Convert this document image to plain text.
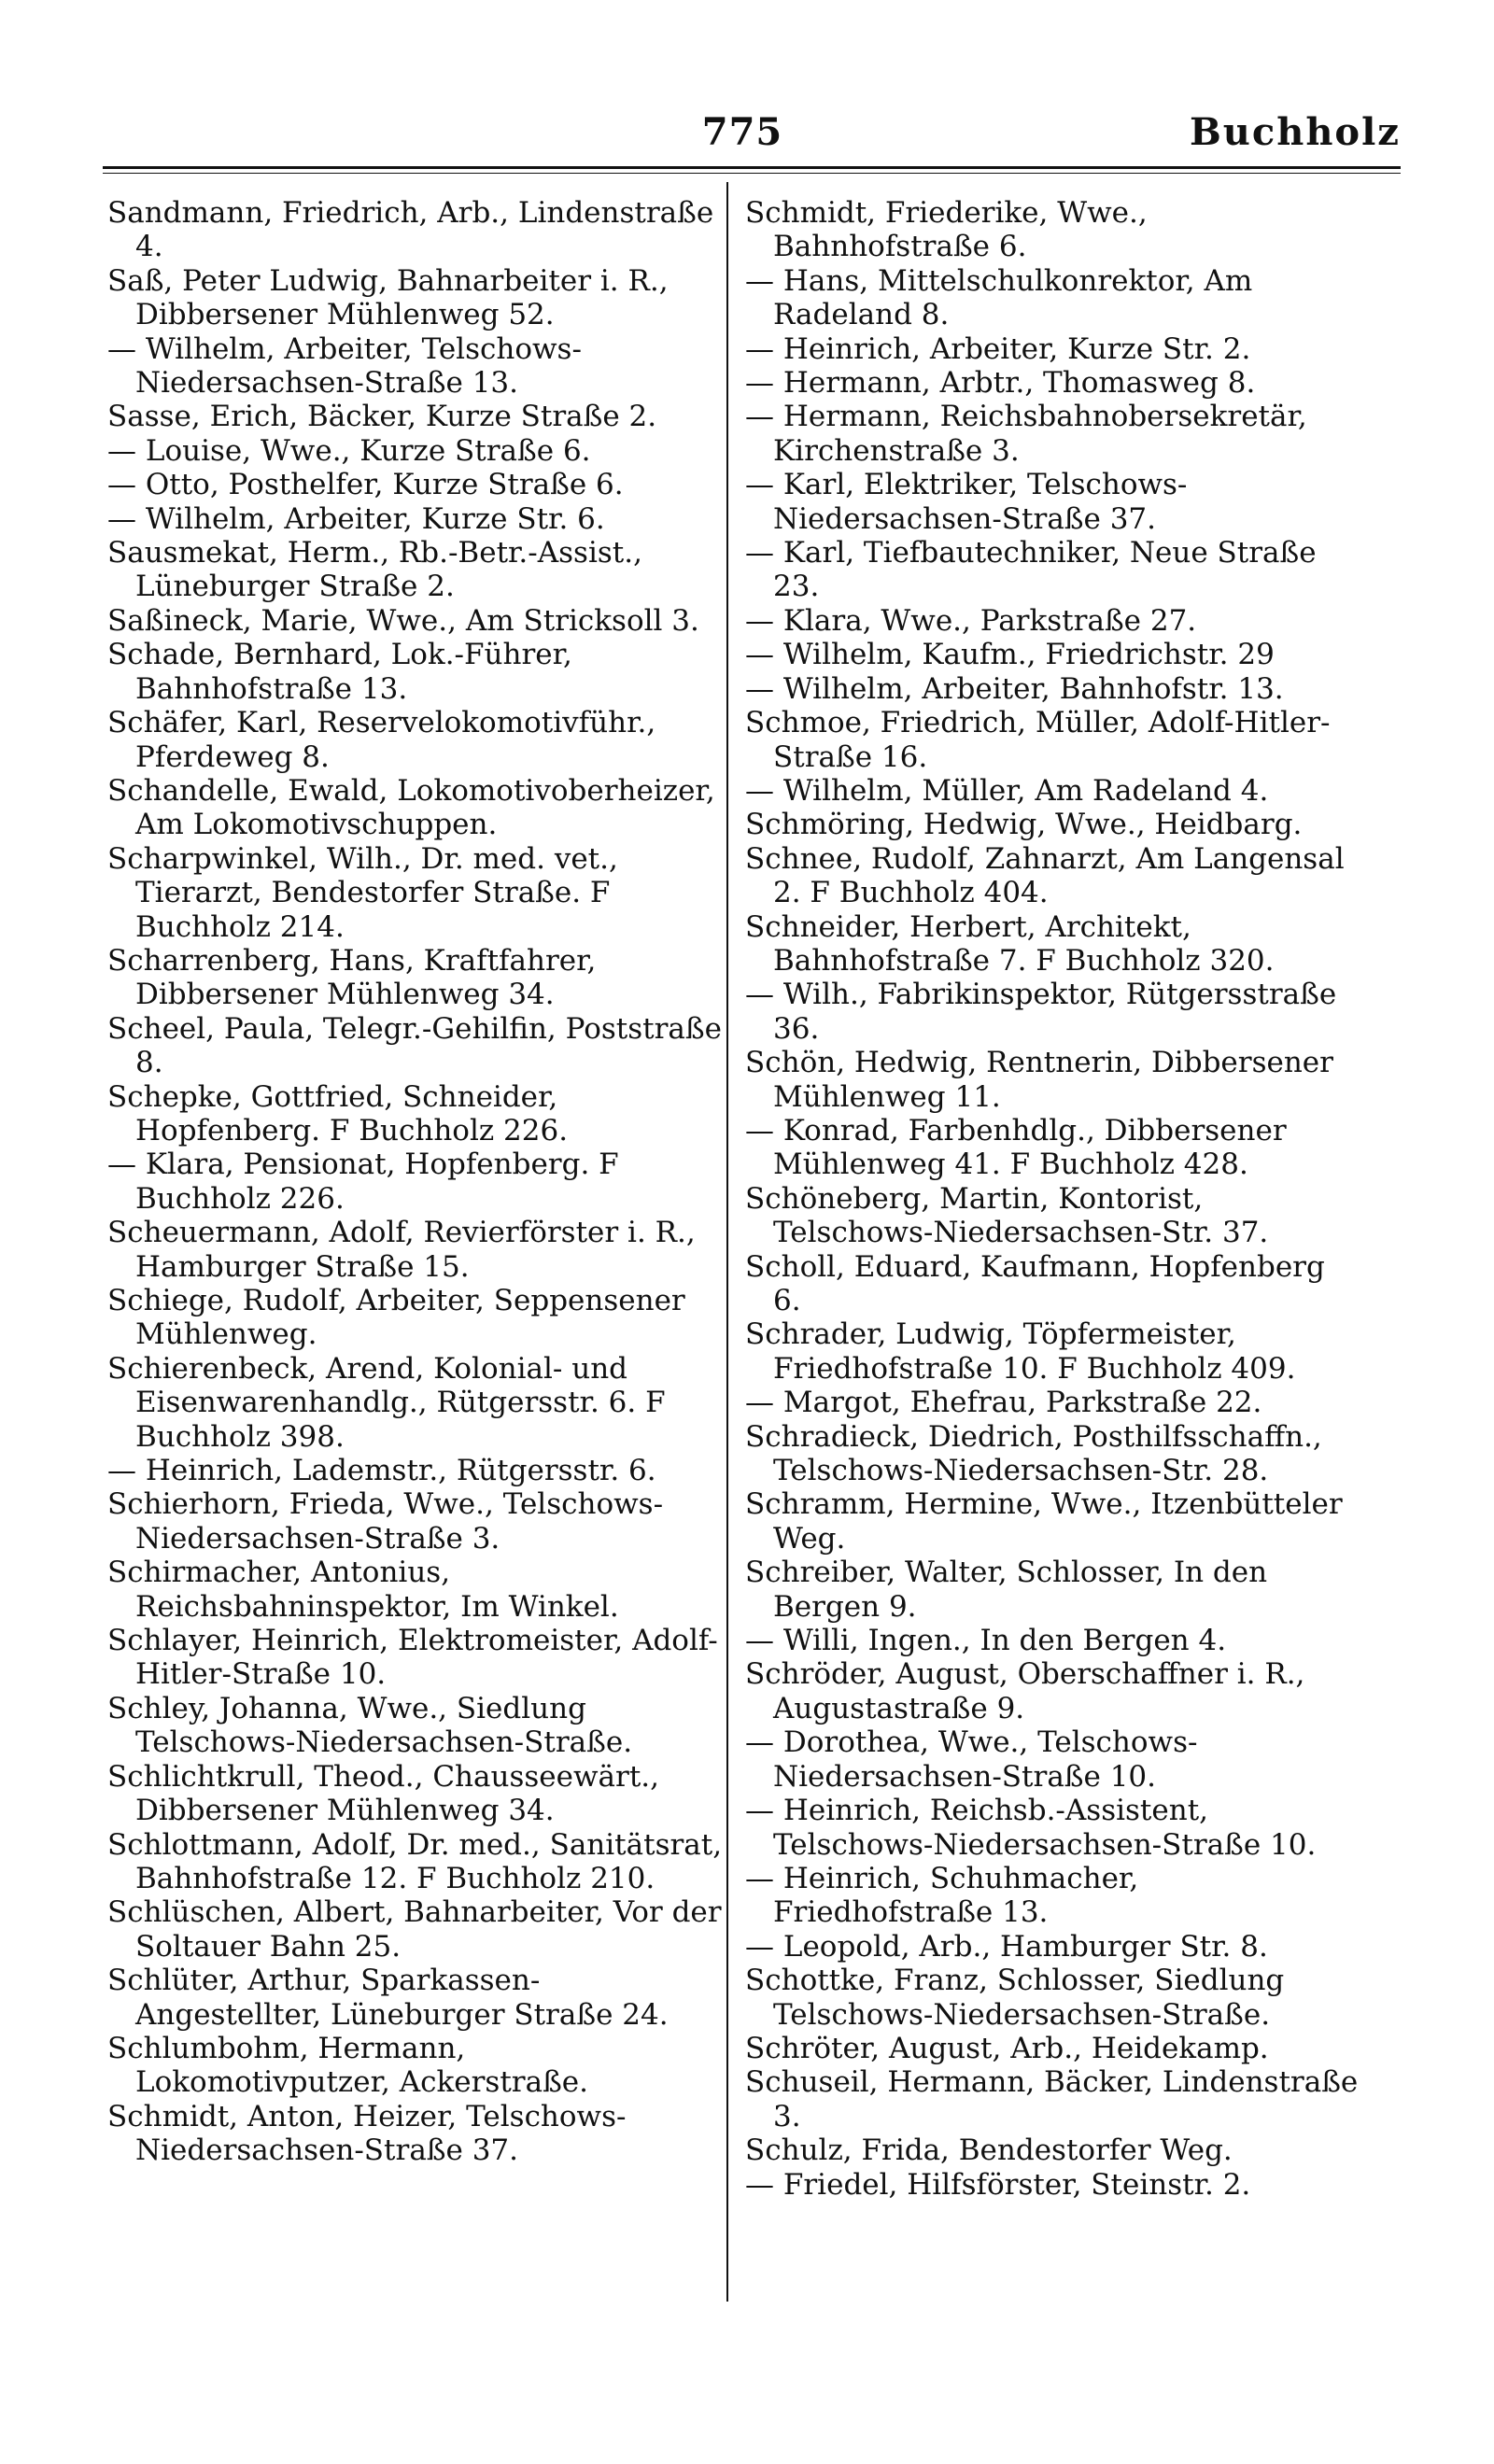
775	Buchholz

Sandmann, Friedrich, Arb., Lindenstraße 4.

Saß, Peter Ludwig, Bahnarbeiter i. R., Dibbersener Mühlenweg 52.

— Wilhelm, Arbeiter, Telschows-Niedersachsen-Straße 13.

Sasse, Erich, Bäcker, Kurze Straße 2.

— Louise, Wwe., Kurze Straße 6.

— Otto, Posthelfer, Kurze Straße 6.

— Wilhelm, Arbeiter, Kurze Str. 6.

Sausmekat, Herm., Rb.-Betr.-Assist., Lüneburger Straße 2.

Saßineck, Marie, Wwe., Am Stricksoll 3.

Schade, Bernhard, Lok.-Führer, Bahnhofstraße 13.

Schäfer, Karl, Reservelokomotivführ., Pferdeweg 8.

Schandelle, Ewald, Lokomotivoberheizer, Am Lokomotivschuppen.

Scharpwinkel, Wilh., Dr. med. vet., Tierarzt, Bendestorfer Straße. F Buchholz 214.

Scharrenberg, Hans, Kraftfahrer, Dibbersener Mühlenweg 34.

Scheel, Paula, Telegr.-Gehilfin, Poststraße 8.

Schepke, Gottfried, Schneider, Hopfenberg. F Buchholz 226.

— Klara, Pensionat, Hopfenberg. F Buchholz 226.

Scheuermann, Adolf, Revierförster i. R., Hamburger Straße 15.

Schiege, Rudolf, Arbeiter, Seppensener Mühlenweg.

Schierenbeck, Arend, Kolonial- und Eisenwarenhandlg., Rütgersstr. 6. F Buchholz 398.

— Heinrich, Lademstr., Rütgersstr. 6.

Schierhorn, Frieda, Wwe., Telschows-Niedersachsen-Straße 3.

Schirmacher, Antonius, Reichsbahninspektor, Im Winkel.

Schlayer, Heinrich, Elektromeister, Adolf-Hitler-Straße 10.

Schley, Johanna, Wwe., Siedlung Telschows-Niedersachsen-Straße.

Schlichtkrull, Theod., Chausseewärt., Dibbersener Mühlenweg 34.

Schlottmann, Adolf, Dr. med., Sanitätsrat, Bahnhofstraße 12. F Buchholz 210.

Schlüschen, Albert, Bahnarbeiter, Vor der Soltauer Bahn 25.

Schlüter, Arthur, Sparkassen-Angestellter, Lüneburger Straße 24.

Schlumbohm, Hermann, Lokomotivputzer, Ackerstraße.

Schmidt, Anton, Heizer, Telschows-Niedersachsen-Straße 37.

Schmidt, Friederike, Wwe., Bahnhofstraße 6.

— Hans, Mittelschulkonrektor, Am Radeland 8.

— Heinrich, Arbeiter, Kurze Str. 2.

— Hermann, Arbtr., Thomasweg 8.

— Hermann, Reichsbahnobersekretär, Kirchenstraße 3.

— Karl, Elektriker, Telschows-Niedersachsen-Straße 37.

— Karl, Tiefbautechniker, Neue Straße 23.

— Klara, Wwe., Parkstraße 27.

— Wilhelm, Kaufm., Friedrichstr. 29

— Wilhelm, Arbeiter, Bahnhofstr. 13.

Schmoe, Friedrich, Müller, Adolf-Hitler-Straße 16.

— Wilhelm, Müller, Am Radeland 4.

Schmöring, Hedwig, Wwe., Heidbarg.

Schnee, Rudolf, Zahnarzt, Am Langensal 2. F Buchholz 404.

Schneider, Herbert, Architekt, Bahnhofstraße 7. F Buchholz 320.

— Wilh., Fabrikinspektor, Rütgersstraße 36.

Schön, Hedwig, Rentnerin, Dibbersener Mühlenweg 11.

— Konrad, Farbenhdlg., Dibbersener Mühlenweg 41. F Buchholz 428.

Schöneberg, Martin, Kontorist, Telschows-Niedersachsen-Str. 37.

Scholl, Eduard, Kaufmann, Hopfenberg 6.

Schrader, Ludwig, Töpfermeister, Friedhofstraße 10. F Buchholz 409.

— Margot, Ehefrau, Parkstraße 22.

Schradieck, Diedrich, Posthilfsschaffn., Telschows-Niedersachsen-Str. 28.

Schramm, Hermine, Wwe., Itzenbütteler Weg.

Schreiber, Walter, Schlosser, In den Bergen 9.

— Willi, Ingen., In den Bergen 4.

Schröder, August, Oberschaffner i. R., Augustastraße 9.

— Dorothea, Wwe., Telschows-Niedersachsen-Straße 10.

— Heinrich, Reichsb.-Assistent, Telschows-Niedersachsen-Straße 10.

— Heinrich, Schuhmacher, Friedhofstraße 13.

— Leopold, Arb., Hamburger Str. 8.

Schottke, Franz, Schlosser, Siedlung Telschows-Niedersachsen-Straße.

Schröter, August, Arb., Heidekamp.

Schuseil, Hermann, Bäcker, Lindenstraße 3.

Schulz, Frida, Bendestorfer Weg.

— Friedel, Hilfsförster, Steinstr. 2.
